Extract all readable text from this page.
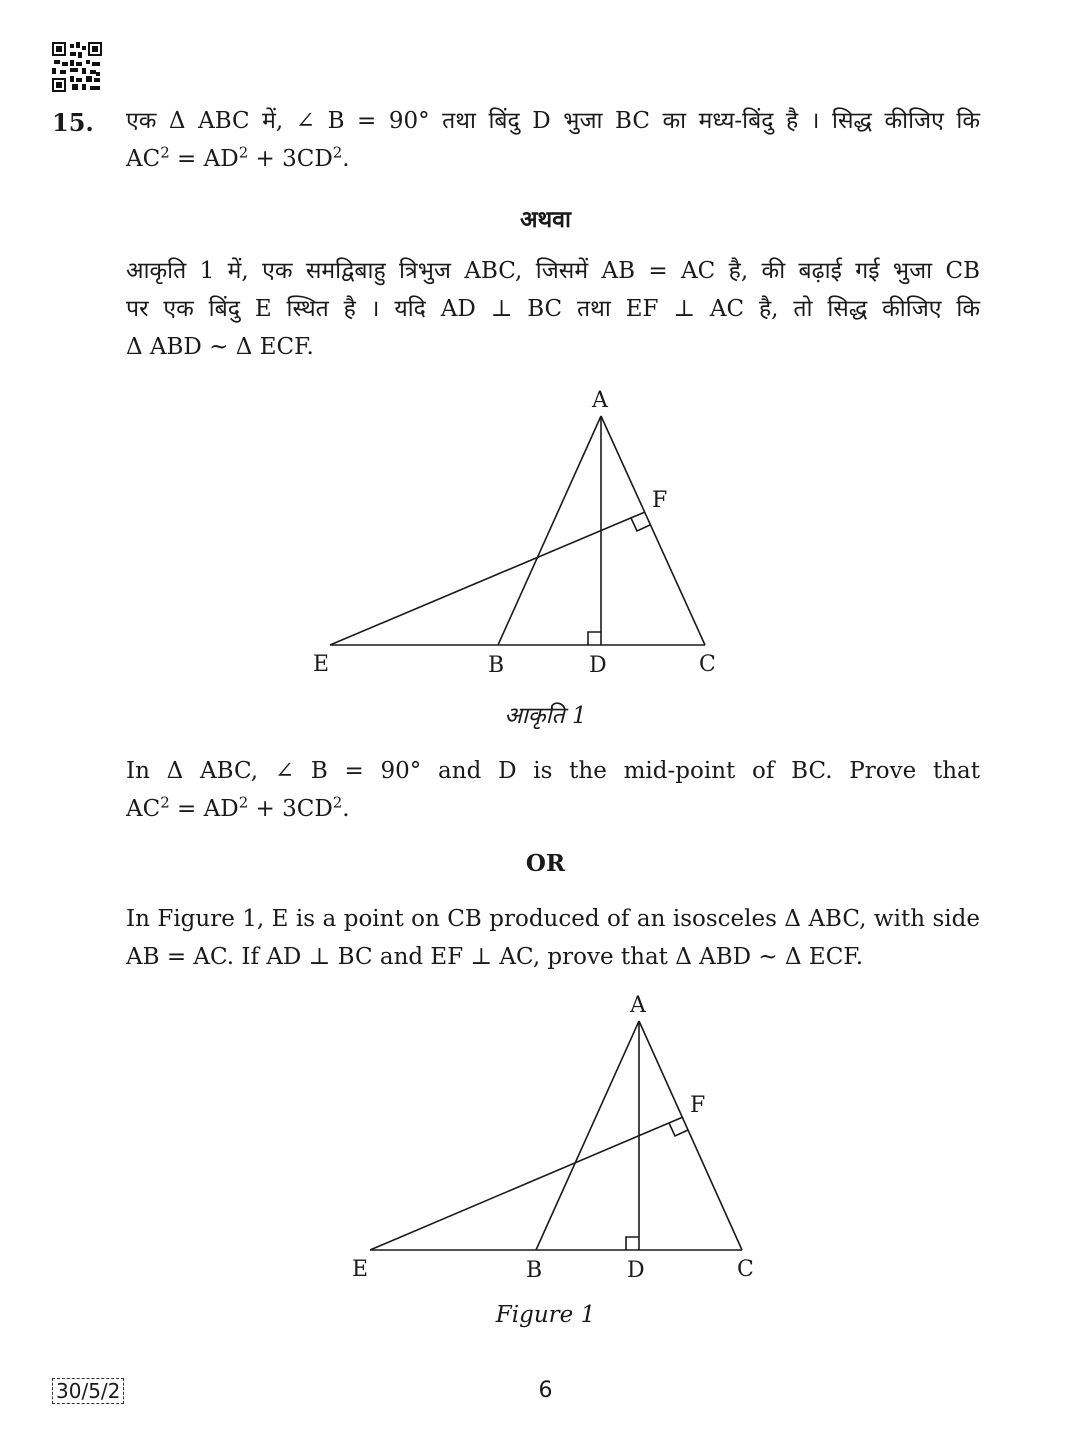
15. एक Δ ABC में, ∠ B = 90° तथा बिंदु D भुजा BC का मध्य-बिंदु है । सिद्ध कीजिए कि
$AC^2 = AD^2 + 3CD^2$.
अथवा
आकृति 1 में, एक समद्विबाहु त्रिभुज ABC, जिसमें AB = AC है, की बढ़ाई गई भुजा CB
पर एक बिंदु E स्थित है । यदि AD ⊥ BC तथा EF ⊥ AC है, तो सिद्ध कीजिए कि
Δ ABD ~ Δ ECF.
A
F
E	B	D	C
आकृति 1
In Δ ABC, ∠ B = 90° and D is the mid-point of BC. Prove that
$AC^2 = AD^2 + 3CD^2$.
OR
In Figure 1, E is a point on CB produced of an isosceles Δ ABC, with side
AB = AC. If AD ⊥ BC and EF ⊥ AC, prove that Δ ABD ~ Δ ECF.
A
F
E	B	D	C
Figure 1
30/5/2	6
